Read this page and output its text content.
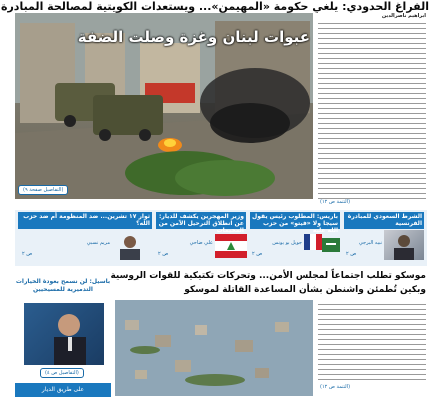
الفراغ الحدودي: يلغي حكومة «المهيمن»... ويستعدات الكويتية لمصالحة المبادرة
ابراهيم ناصرالدين
(التتمة ص ١٢)
عبوات لبنان وغزة وصلت الضفة
(التفاصيل صفحة ٩)
الشرط السعودي للمبادرة الفرنسية
نبيه البرجي
ص ٢
باريس: المطلوب رئيس يقول سيجا ولا «فيتو» من حزب الله عليه
جويل بو يونس
ص ٢
وزير المهجرين يكشف للديار: عن انطلاق الترحيل الآمن من المخيمات
علي ضاحي
ص ٢
ثوار ١٧ تشرين... ضد المنظومة أم ضد حزب الله؟
مريم نسبي
ص ٢
موسكو تطلب اجتماعاً لمجلس الأمن... وتحركات تكتيكية للقوات الروسية
وبكين تُطمئن واشنطن بشأن المساعدة القاتلة لموسكو
(التتمة ص ١٢)
باسيل: لن نسمح بعودة الخيارات التدميرية للمسيحيين
(التفاصيل ص ٤)
على طريق الديار
